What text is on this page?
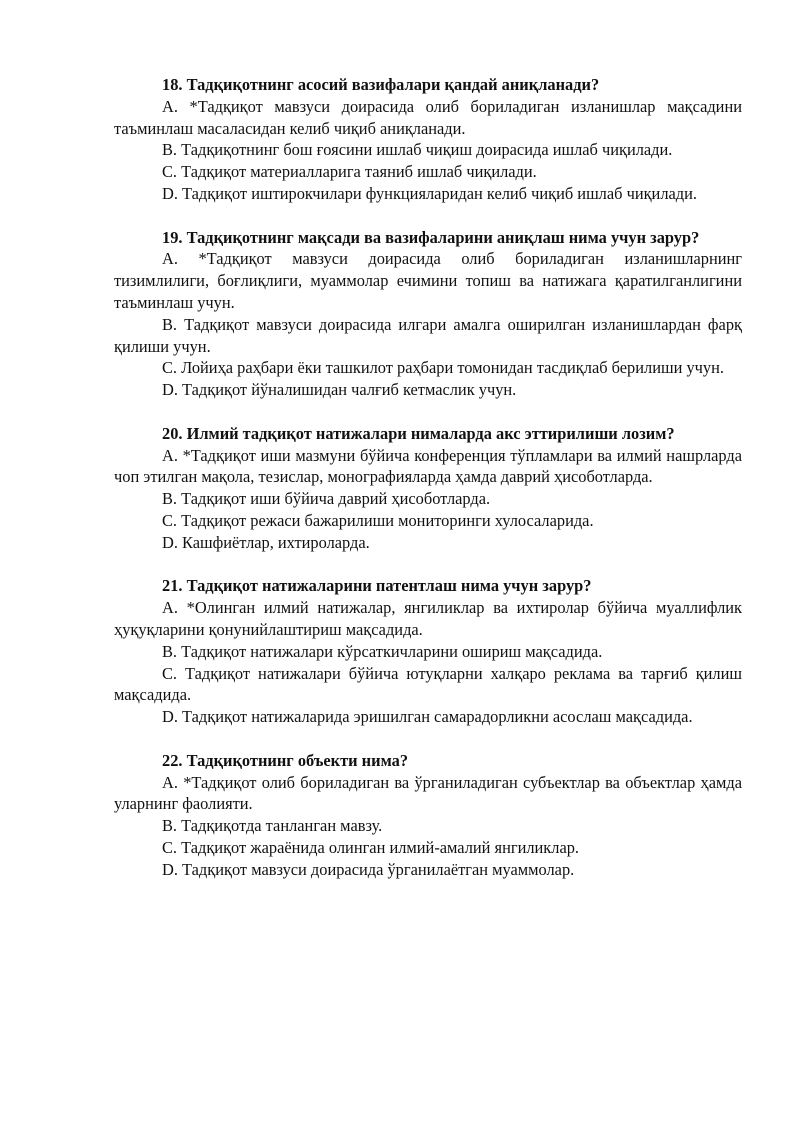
18. Тадқиқотнинг асосий вазифалари қандай аниқланади?

А. *Тадқиқот мавзуси доирасида олиб бориладиган изланишлар мақсадини таъминлаш масаласидан келиб чиқиб аниқланади.

В. Тадқиқотнинг бош ғоясини ишлаб чиқиш доирасида ишлаб чиқилади.

С. Тадқиқот материалларига таяниб ишлаб чиқилади.

D. Тадқиқот иштирокчилари функцияларидан келиб чиқиб ишлаб чиқилади.

19. Тадқиқотнинг мақсади ва вазифаларини аниқлаш нима учун зарур?

А. *Тадқиқот мавзуси доирасида олиб бориладиган изланишларнинг тизимлилиги, боғлиқлиги, муаммолар ечимини топиш ва натижага қаратилганлигини таъминлаш учун.

В. Тадқиқот мавзуси доирасида илгари амалга оширилган изланишлардан фарқ қилиши учун.

С. Лойиҳа раҳбари ёки ташкилот раҳбари томонидан тасдиқлаб берилиши учун.

D. Тадқиқот йўналишидан чалғиб кетмаслик учун.

20. Илмий тадқиқот натижалари нималарда акс эттирилиши лозим?

А. *Тадқиқот иши мазмуни бўйича конференция тўпламлари ва илмий нашрларда чоп этилган мақола, тезислар, монографияларда ҳамда даврий ҳисоботларда.

В. Тадқиқот иши бўйича даврий ҳисоботларда.

С. Тадқиқот режаси бажарилиши мониторинги хулосаларида.

D. Кашфиётлар, ихтироларда.

21. Тадқиқот натижаларини патентлаш нима учун зарур?

А. *Олинган илмий натижалар, янгиликлар ва ихтиролар бўйича муаллифлик ҳуқуқларини қонунийлаштириш мақсадида.

В. Тадқиқот натижалари кўрсаткичларини ошириш мақсадида.

С. Тадқиқот натижалари бўйича ютуқларни халқаро реклама ва тарғиб қилиш мақсадида.

D. Тадқиқот натижаларида эришилган самарадорликни асослаш мақсадида.

22. Тадқиқотнинг объекти нима?

А. *Тадқиқот олиб бориладиган ва ўрганиладиган субъектлар ва объектлар ҳамда уларнинг фаолияти.

В. Тадқиқотда танланган мавзу.

С. Тадқиқот жараёнида олинган илмий-амалий янгиликлар.

D. Тадқиқот мавзуси доирасида ўрганилаётган муаммолар.
